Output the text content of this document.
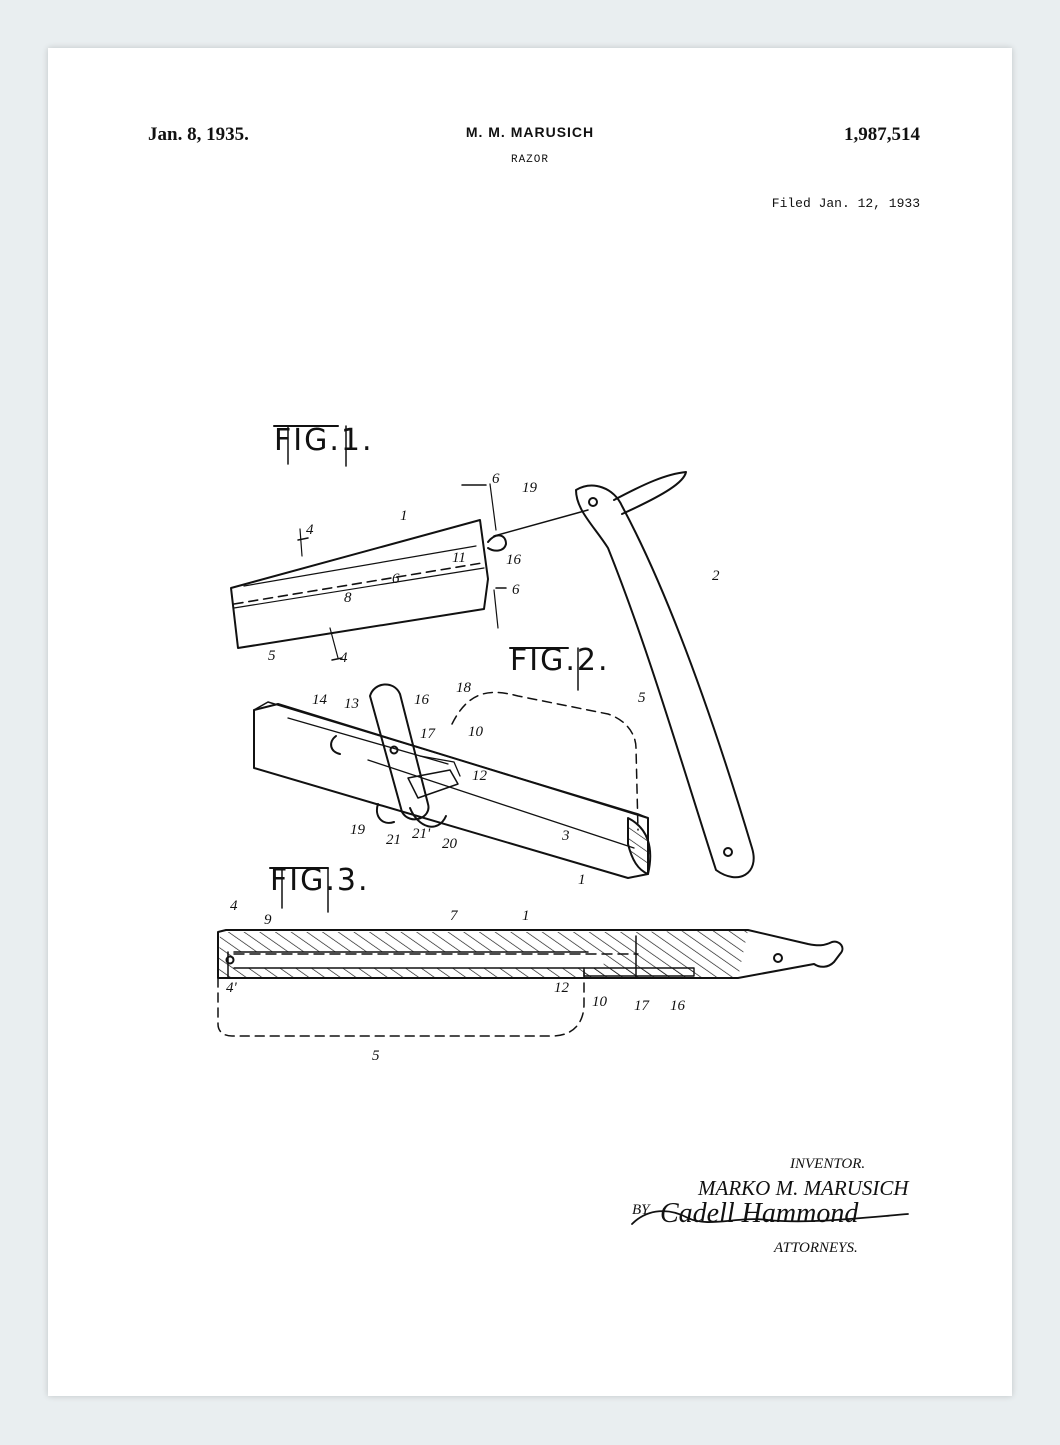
Jan. 8, 1935.	M. M. MARUSICH
RAZOR
1,987,514
Filed Jan. 12, 1933
FIG.1.
4
1
6
19
11	16
6
8
6	2
5	4	FIG.2.
14 13	16
18
5
17 10
12
3
19
21 21'
20
1
FIG.3.
4
9	7	1
4'	12
10 17 16
5
INVENTOR.
MARKO M. MARUSICH
BY Cadell Hammond
ATTORNEYS.
